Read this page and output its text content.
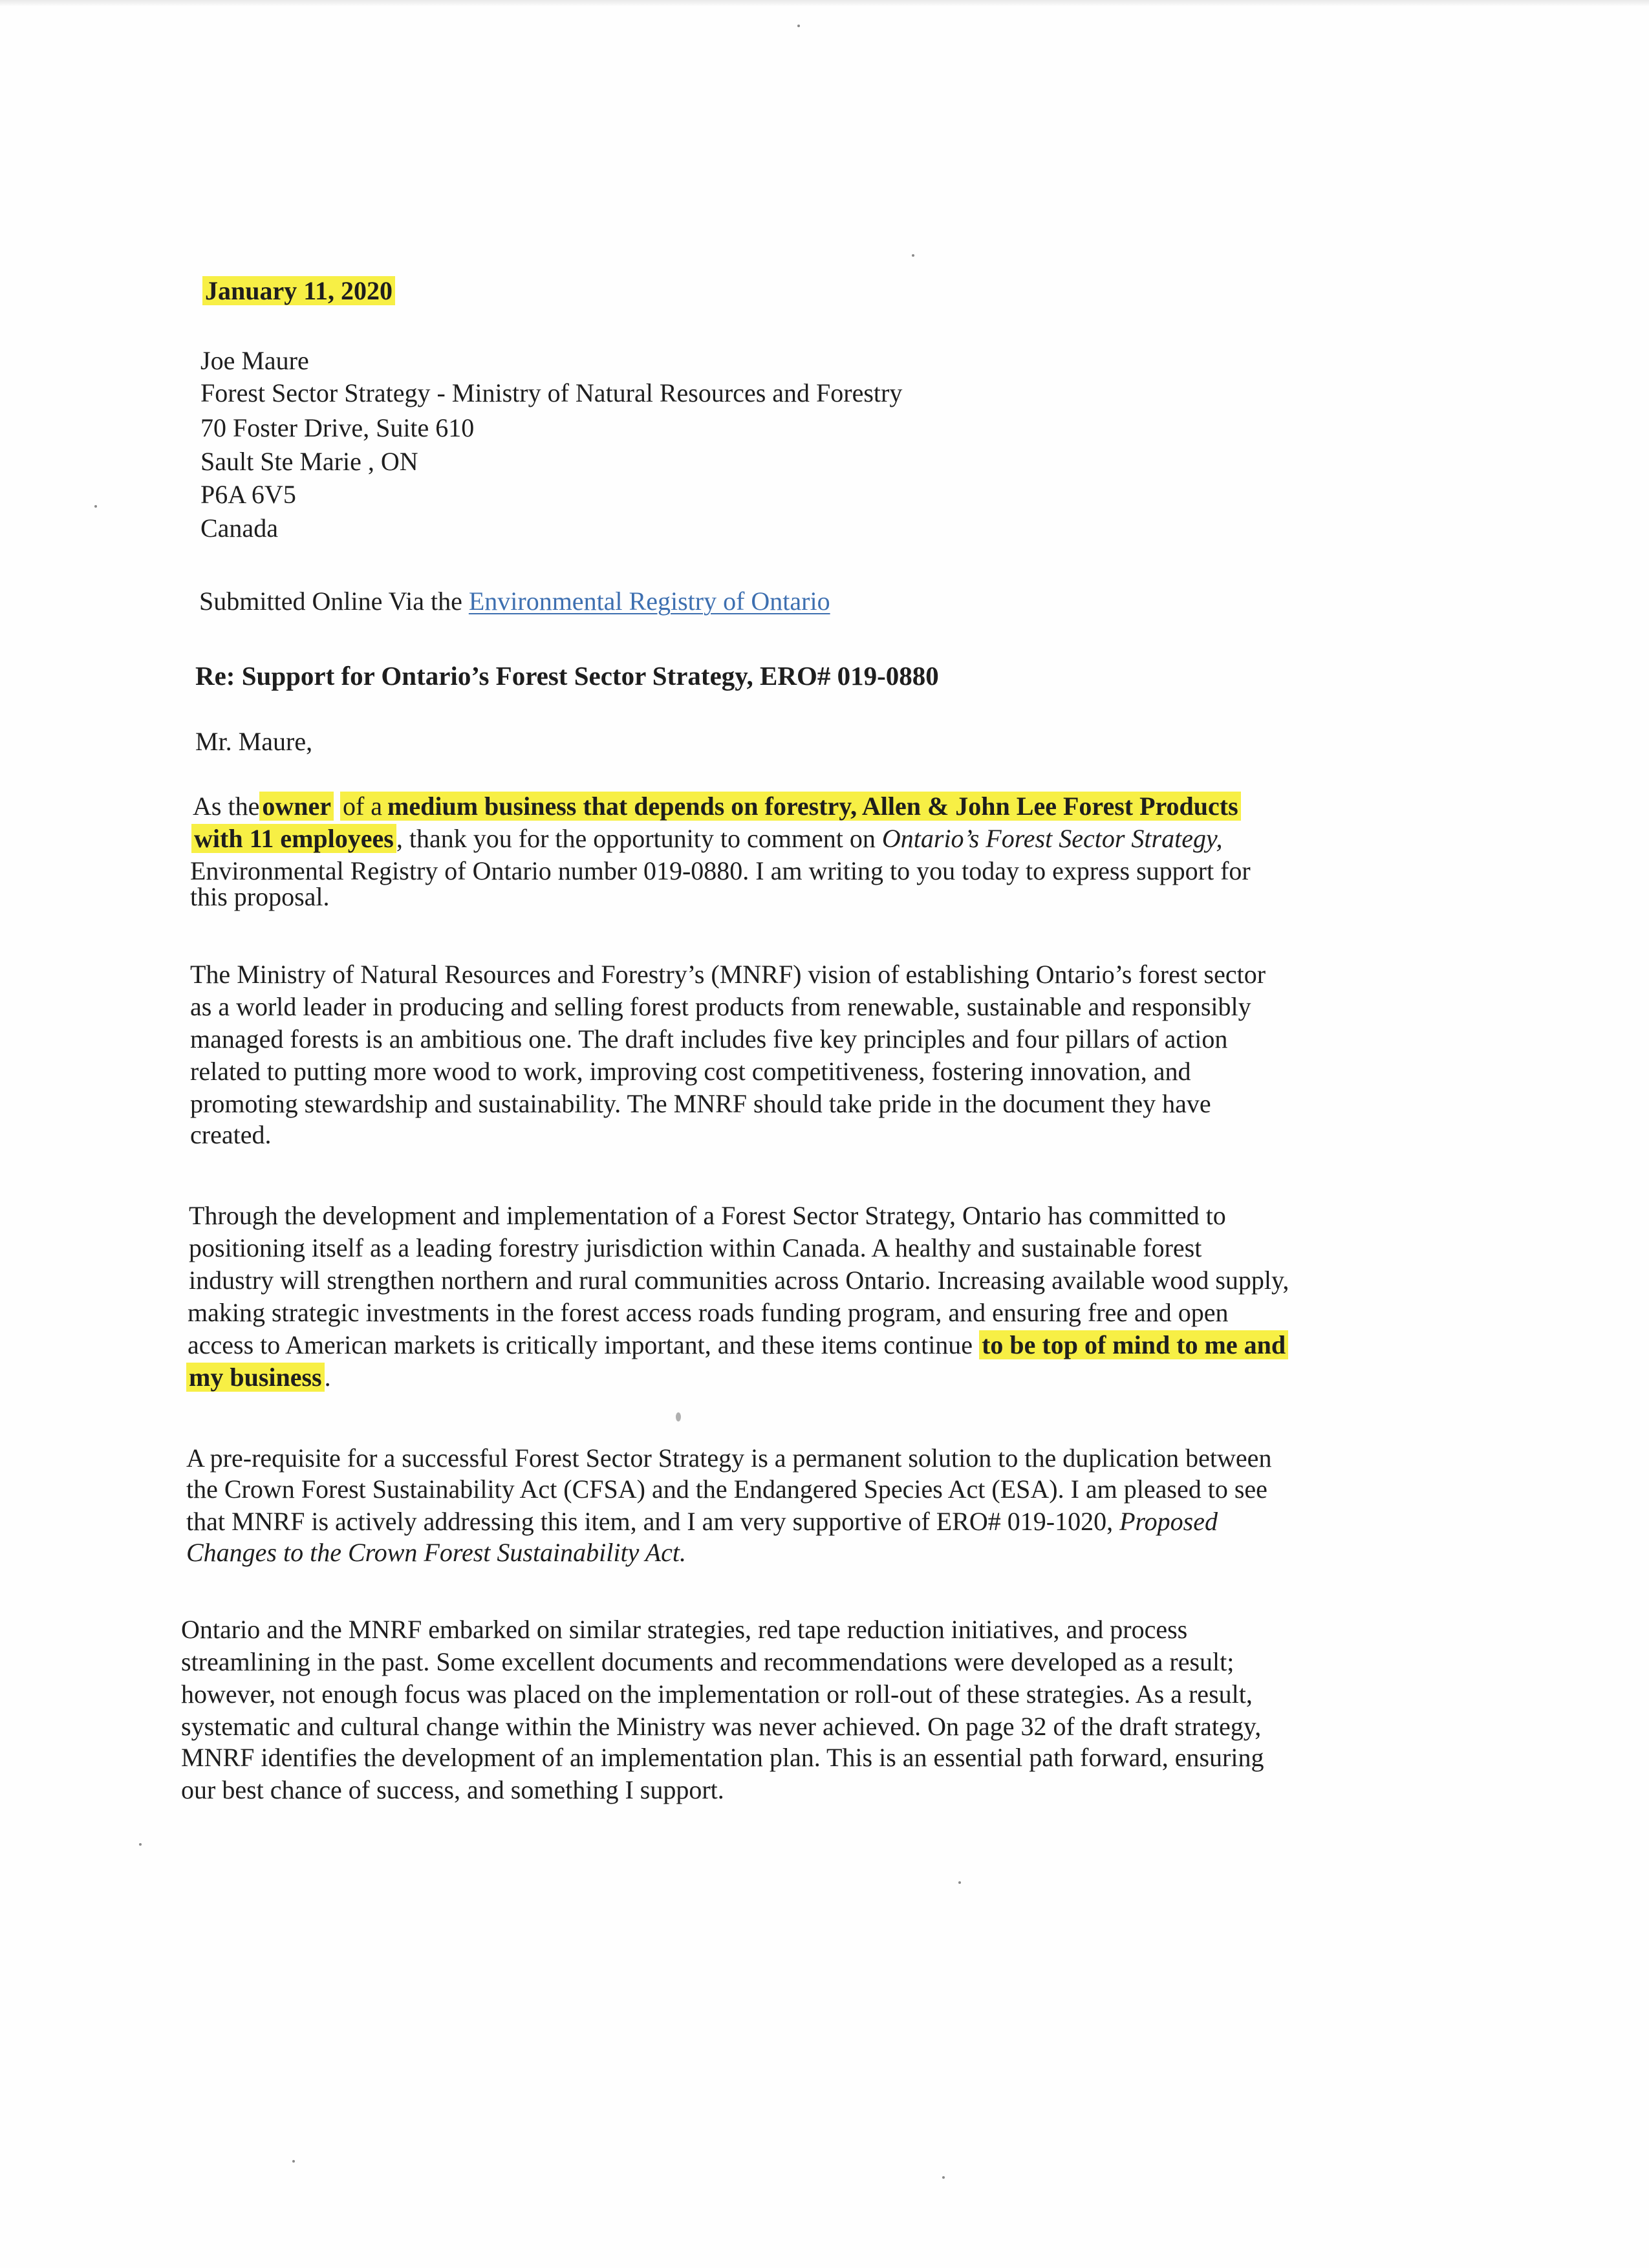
January 11, 2020
Joe Maure
Forest Sector Strategy - Ministry of Natural Resources and Forestry
70 Foster Drive, Suite 610
Sault Ste Marie , ON
P6A 6V5
Canada
Submitted Online Via the Environmental Registry of Ontario
Re: Support for Ontario’s Forest Sector Strategy, ERO# 019-0880
Mr. Maure,
As the owner of a medium business that depends on forestry, Allen & John Lee Forest Products
with 11 employees , thank you for the opportunity to comment on Ontario’s Forest Sector Strategy,
Environmental Registry of Ontario number 019-0880. I am writing to you today to express support for
this proposal.
The Ministry of Natural Resources and Forestry’s (MNRF) vision of establishing Ontario’s forest sector
as a world leader in producing and selling forest products from renewable, sustainable and responsibly
managed forests is an ambitious one. The draft includes five key principles and four pillars of action
related to putting more wood to work, improving cost competitiveness, fostering innovation, and
promoting stewardship and sustainability. The MNRF should take pride in the document they have
created.
Through the development and implementation of a Forest Sector Strategy, Ontario has committed to
positioning itself as a leading forestry jurisdiction within Canada. A healthy and sustainable forest
industry will strengthen northern and rural communities across Ontario. Increasing available wood supply,
making strategic investments in the forest access roads funding program, and ensuring free and open
access to American markets is critically important, and these items continue to be top of mind to me and
my business .
A pre-requisite for a successful Forest Sector Strategy is a permanent solution to the duplication between
the Crown Forest Sustainability Act (CFSA) and the Endangered Species Act (ESA). I am pleased to see
that MNRF is actively addressing this item, and I am very supportive of ERO# 019-1020, Proposed
Changes to the Crown Forest Sustainability Act.
Ontario and the MNRF embarked on similar strategies, red tape reduction initiatives, and process
streamlining in the past. Some excellent documents and recommendations were developed as a result;
however, not enough focus was placed on the implementation or roll-out of these strategies. As a result,
systematic and cultural change within the Ministry was never achieved. On page 32 of the draft strategy,
MNRF identifies the development of an implementation plan. This is an essential path forward, ensuring
our best chance of success, and something I support.
